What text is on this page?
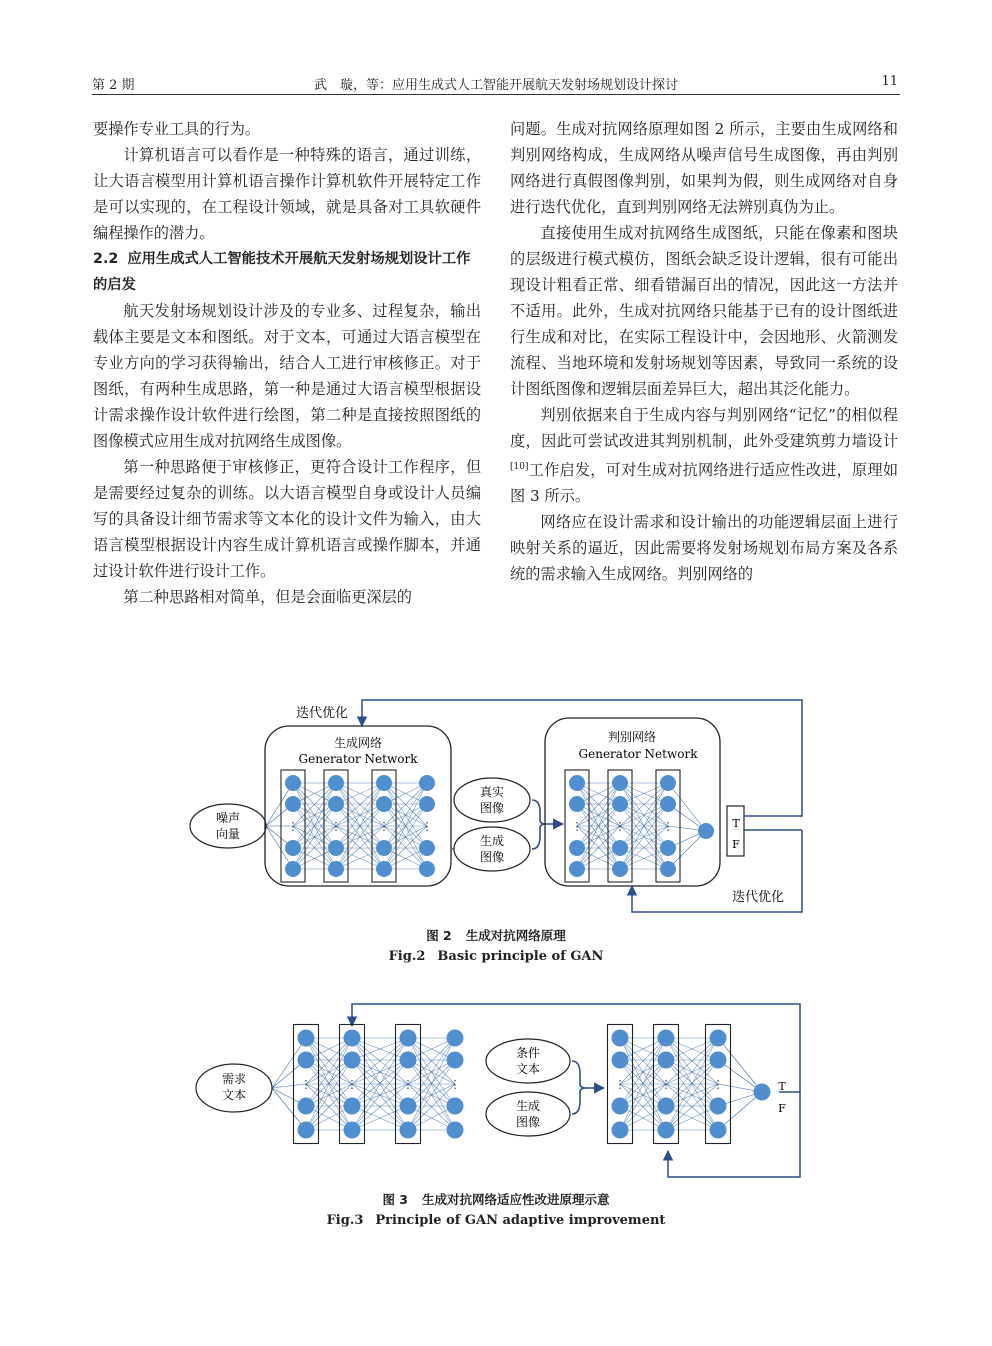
第 2 期	武　璇，等：应用生成式人工智能开展航天发射场规划设计探讨	11

要操作专业工具的行为。

计算机语言可以看作是一种特殊的语言，通过训练，让大语言模型用计算机语言操作计算机软件开展特定工作是可以实现的，在工程设计领域，就是具备对工具软硬件编程操作的潜力。

2.2 应用生成式人工智能技术开展航天发射场规划设计工作的启发

航天发射场规划设计涉及的专业多、过程复杂，输出载体主要是文本和图纸。对于文本，可通过大语言模型在专业方向的学习获得输出，结合人工进行审核修正。对于图纸，有两种生成思路，第一种是通过大语言模型根据设计需求操作设计软件进行绘图，第二种是直接按照图纸的图像模式应用生成对抗网络生成图像。

第一种思路便于审核修正，更符合设计工作程序，但是需要经过复杂的训练。以大语言模型自身或设计人员编写的具备设计细节需求等文本化的设计文件为输入，由大语言模型根据设计内容生成计算机语言或操作脚本，并通过设计软件进行设计工作。

第二种思路相对简单，但是会面临更深层的

问题。生成对抗网络原理如图 2 所示，主要由生成网络和判别网络构成，生成网络从噪声信号生成图像，再由判别网络进行真假图像判别，如果判为假，则生成网络对自身进行迭代优化，直到判别网络无法辨别真伪为止。

直接使用生成对抗网络生成图纸，只能在像素和图块的层级进行模式模仿，图纸会缺乏设计逻辑，很有可能出现设计粗看正常、细看错漏百出的情况，因此这一方法并不适用。此外，生成对抗网络只能基于已有的设计图纸进行生成和对比，在实际工程设计中，会因地形、火箭测发流程、当地环境和发射场规划等因素，导致同一系统的设计图纸图像和逻辑层面差异巨大，超出其泛化能力。

判别依据来自于生成内容与判别网络“记忆”的相似程度，因此可尝试改进其判别机制，此外受建筑剪力墙设计[10]工作启发，可对生成对抗网络进行适应性改进，原理如图 3 所示。

网络应在设计需求和设计输出的功能逻辑层面上进行映射关系的逼近，因此需要将发射场规划布局方案及各系统的需求输入生成网络。判别网络的

迭代优化
生成网络
Generator Network
⋮	⋮	⋮	⋮
噪声
向量
真实
图像
生成
图像
判别网络
Generator Network
⋮	⋮	⋮	T
F
迭代优化
图 2 生成对抗网络原理
Fig.2 Basic principle of GAN
⋮	⋮	⋮	⋮
需求
文本
条件
文本
生成
图像
⋮	⋮	⋮	T
F
图 3 生成对抗网络适应性改进原理示意
Fig.3 Principle of GAN adaptive improvement
